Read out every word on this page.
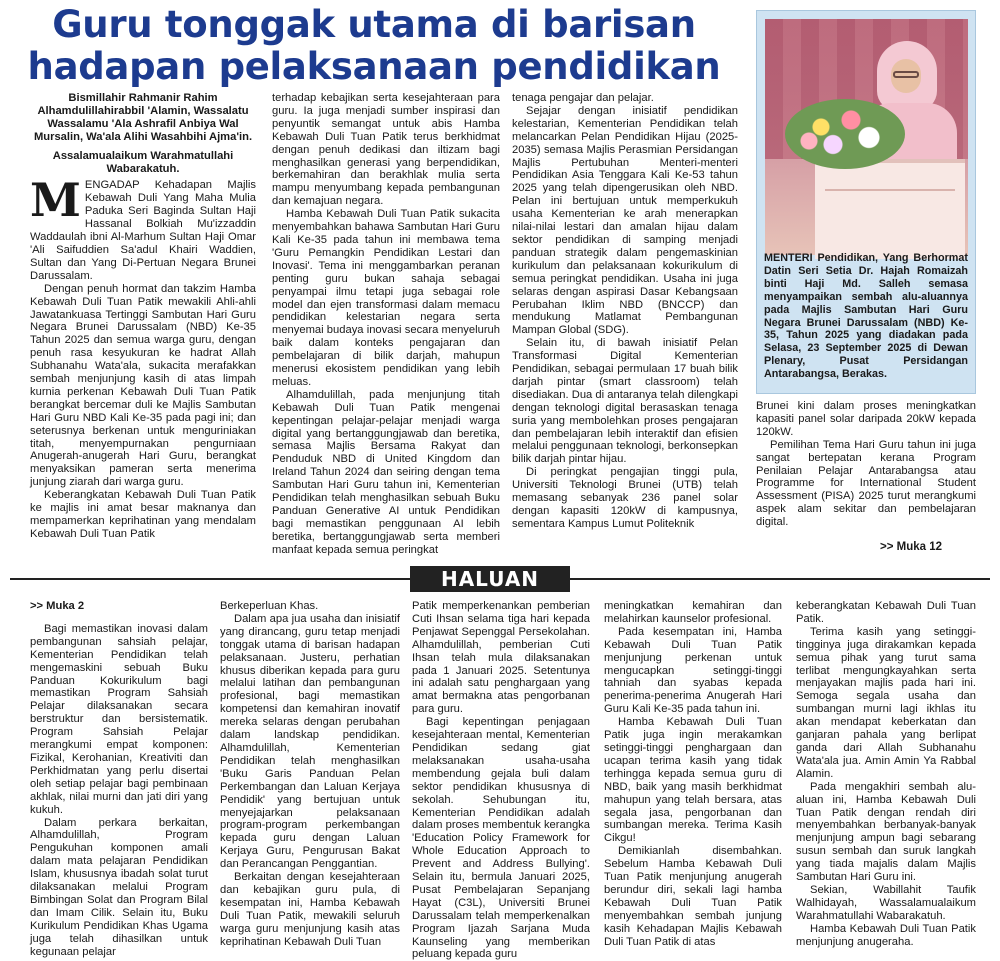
Guru tonggak utama di barisan
hadapan pelaksanaan pendidikan

Bismillahir Rahmanir Rahim Alhamdulillahirabbil 'Alamin, Wassalatu Wassalamu 'Ala Ashrafil Anbiya Wal Mursalin, Wa'ala Alihi Wasahbihi Ajma'in.

Assalamualaikum Warahmatullahi Wabarakatuh.

MENGADAP Kehadapan Majlis Kebawah Duli Yang Maha Mulia Paduka Seri Baginda Sultan Haji Hassanal Bolkiah Mu'izzaddin Waddaulah ibni Al-Marhum Sultan Haji Omar 'Ali Saifuddien Sa'adul Khairi Waddien, Sultan dan Yang Di-Pertuan Negara Brunei Darussalam.

Dengan penuh hormat dan takzim Hamba Kebawah Duli Tuan Patik mewakili Ahli-ahli Jawatankuasa Tertinggi Sambutan Hari Guru Negara Brunei Darussalam (NBD) Ke-35 Tahun 2025 dan semua warga guru, dengan penuh rasa kesyukuran ke hadrat Allah Subhanahu Wata'ala, sukacita merafakkan sembah menjunjung kasih di atas limpah kurnia perkenan Kebawah Duli Tuan Patik berangkat bercemar duli ke Majlis Sambutan Hari Guru NBD Kali Ke-35 pada pagi ini; dan seterusnya berkenan untuk menguriniakan titah, menyempurnakan pengurniaan Anugerah-anugerah Hari Guru, berangkat menyaksikan pameran serta menerima junjung ziarah dari warga guru.

Keberangkatan Kebawah Duli Tuan Patik ke majlis ini amat besar maknanya dan mempamerkan keprihatinan yang mendalam Kebawah Duli Tuan Patik

terhadap kebajikan serta kesejahteraan para guru. Ia juga menjadi sumber inspirasi dan penyuntik semangat untuk abis Hamba Kebawah Duli Tuan Patik terus berkhidmat dengan penuh dedikasi dan iltizam bagi menghasilkan generasi yang berpendidikan, berkemahiran dan berakhlak mulia serta mampu menyumbang kepada pembangunan dan kemajuan negara.

Hamba Kebawah Duli Tuan Patik sukacita menyembahkan bahawa Sambutan Hari Guru Kali Ke-35 pada tahun ini membawa tema 'Guru Pemangkin Pendidikan Lestari dan Inovasi'. Tema ini menggambarkan peranan penting guru bukan sahaja sebagai penyampai ilmu tetapi juga sebagai role model dan ejen transformasi dalam memacu pendidikan kelestarian negara serta menyemai budaya inovasi secara menyeluruh baik dalam konteks pengajaran dan pembelajaran di bilik darjah, mahupun menerusi ekosistem pendidikan yang lebih meluas.

Alhamdulillah, pada menjunjung titah Kebawah Duli Tuan Patik mengenai kepentingan pelajar-pelajar menjadi warga digital yang bertanggungjawab dan beretika, semasa Majlis Bersama Rakyat dan Penduduk NBD di United Kingdom dan Ireland Tahun 2024 dan seiring dengan tema Sambutan Hari Guru tahun ini, Kementerian Pendidikan telah menghasilkan sebuah Buku Panduan Generative AI untuk Pendidikan bagi memastikan penggunaan AI lebih beretika, bertanggungjawab serta memberi manfaat kepada semua peringkat

tenaga pengajar dan pelajar.

Sejajar dengan inisiatif pendidikan kelestarian, Kementerian Pendidikan telah melancarkan Pelan Pendidikan Hijau (2025-2035) semasa Majlis Perasmian Persidangan Majlis Pertubuhan Menteri-menteri Pendidikan Asia Tenggara Kali Ke-53 tahun 2025 yang telah dipengerusikan oleh NBD. Pelan ini bertujuan untuk memperkukuh usaha Kementerian ke arah menerapkan nilai-nilai lestari dan amalan hijau dalam sektor pendidikan di samping menjadi panduan strategik dalam pengemaskinian kurikulum dan pelaksanaan kokurikulum di semua peringkat pendidikan. Usaha ini juga selaras dengan aspirasi Dasar Kebangsaan Perubahan Iklim NBD (BNCCP) dan mendukung Matlamat Pembangunan Mampan Global (SDG).

Selain itu, di bawah inisiatif Pelan Transformasi Digital Kementerian Pendidikan, sebagai permulaan 17 buah bilik darjah pintar (smart classroom) telah disediakan. Dua di antaranya telah dilengkapi dengan teknologi digital berasaskan tenaga suria yang membolehkan proses pengajaran dan pembelajaran lebih interaktif dan efisien melalui penggunaan teknologi, berkonsepkan bilik darjah pintar hijau.

Di peringkat pengajian tinggi pula, Universiti Teknologi Brunei (UTB) telah memasang sebanyak 236 panel solar dengan kapasiti 120kW di kampusnya, sementara Kampus Lumut Politeknik

MENTERI Pendidikan, Yang Berhormat Datin Seri Setia Dr. Hajah Romaizah binti Haji Md. Salleh semasa menyampaikan sembah alu-aluannya pada Majlis Sambutan Hari Guru Negara Brunei Darussalam (NBD) Ke-35, Tahun 2025 yang diadakan pada Selasa, 23 September 2025 di Dewan Plenary, Pusat Persidangan Antarabangsa, Berakas.

Brunei kini dalam proses meningkatkan kapasiti panel solar daripada 20kW kepada 120kW.

Pemilihan Tema Hari Guru tahun ini juga sangat bertepatan kerana Program Penilaian Pelajar Antarabangsa atau Programme for International Student Assessment (PISA) 2025 turut merangkumi aspek alam sekitar dan pembelajaran digital.

>> Muka 12
HALUAN

>> Muka 2

Bagi memastikan inovasi dalam pembangunan sahsiah pelajar, Kementerian Pendidikan telah mengemaskini sebuah Buku Panduan Kokurikulum bagi memastikan Program Sahsiah Pelajar dilaksanakan secara berstruktur dan bersistematik. Program Sahsiah Pelajar merangkumi empat komponen: Fizikal, Kerohanian, Kreativiti dan Perkhidmatan yang perlu disertai oleh setiap pelajar bagi pembinaan akhlak, nilai murni dan jati diri yang kukuh.

Dalam perkara berkaitan, Alhamdulillah, Program Pengukuhan komponen amali dalam mata pelajaran Pendidikan Islam, khususnya ibadah solat turut dilaksanakan melalui Program Bimbingan Solat dan Program Bilal dan Imam Cilik. Selain itu, Buku Kurikulum Pendidikan Khas Ugama juga telah dihasilkan untuk kegunaan pelajar

Berkeperluan Khas.

Dalam apa jua usaha dan inisiatif yang dirancang, guru tetap menjadi tonggak utama di barisan hadapan pelaksanaan. Justeru, perhatian khusus diberikan kepada para guru melalui latihan dan pembangunan profesional, bagi memastikan kompetensi dan kemahiran inovatif mereka selaras dengan perubahan dalam landskap pendidikan. Alhamdulillah, Kementerian Pendidikan telah menghasilkan 'Buku Garis Panduan Pelan Perkembangan dan Laluan Kerjaya Pendidik' yang bertujuan untuk menyejajarkan pelaksanaan program-program perkembangan kepada guru dengan Laluan Kerjaya Guru, Pengurusan Bakat dan Perancangan Penggantian.

Berkaitan dengan kesejahteraan dan kebajikan guru pula, di kesempatan ini, Hamba Kebawah Duli Tuan Patik, mewakili seluruh warga guru menjunjung kasih atas keprihatinan Kebawah Duli Tuan

Patik memperkenankan pemberian Cuti Ihsan selama tiga hari kepada Penjawat Sepenggal Persekolahan. Alhamdulillah, pemberian Cuti Ihsan telah mula dilaksanakan pada 1 Januari 2025. Setentunya ini adalah satu penghargaan yang amat bermakna atas pengorbanan para guru.

Bagi kepentingan penjagaan kesejahteraan mental, Kementerian Pendidikan sedang giat melaksanakan usaha-usaha membendung gejala buli dalam sektor pendidikan khususnya di sekolah. Sehubungan itu, Kementerian Pendidikan adalah dalam proses membentuk kerangka 'Education Policy Framework for Whole Education Approach to Prevent and Address Bullying'. Selain itu, bermula Januari 2025, Pusat Pembelajaran Sepanjang Hayat (C3L), Universiti Brunei Darussalam telah memperkenalkan Program Ijazah Sarjana Muda Kaunseling yang memberikan peluang kepada guru

meningkatkan kemahiran dan melahirkan kaunselor profesional.

Pada kesempatan ini, Hamba Kebawah Duli Tuan Patik menjunjung perkenan untuk mengucapkan setinggi-tinggi tahniah dan syabas kepada penerima-penerima Anugerah Hari Guru Kali Ke-35 pada tahun ini.

Hamba Kebawah Duli Tuan Patik juga ingin merakamkan setinggi-tinggi penghargaan dan ucapan terima kasih yang tidak terhingga kepada semua guru di NBD, baik yang masih berkhidmat mahupun yang telah bersara, atas segala jasa, pengorbanan dan sumbangan mereka. Terima Kasih Cikgu!

Demikianlah disembahkan. Sebelum Hamba Kebawah Duli Tuan Patik menjunjung anugerah berundur diri, sekali lagi hamba Kebawah Duli Tuan Patik menyembahkan sembah junjung kasih Kehadapan Majlis Kebawah Duli Tuan Patik di atas

keberangkatan Kebawah Duli Tuan Patik.

Terima kasih yang setinggi-tingginya juga dirakamkan kepada semua pihak yang turut sama terlibat mengungkayahkan serta menjayakan majlis pada hari ini. Semoga segala usaha dan sumbangan murni lagi ikhlas itu akan mendapat keberkatan dan ganjaran pahala yang berlipat ganda dari Allah Subhanahu Wata'ala jua. Amin Amin Ya Rabbal Alamin.

Pada mengakhiri sembah alu-aluan ini, Hamba Kebawah Duli Tuan Patik dengan rendah diri menyembahkan berbanyak-banyak menjunjung ampun bagi sebarang susun sembah dan suruk langkah yang tiada majalis dalam Majlis Sambutan Hari Guru ini.

Sekian, Wabillahit Taufik Walhidayah, Wassalamualaikum Warahmatullahi Wabarakatuh.

Hamba Kebawah Duli Tuan Patik menjunjung anugeraha.
